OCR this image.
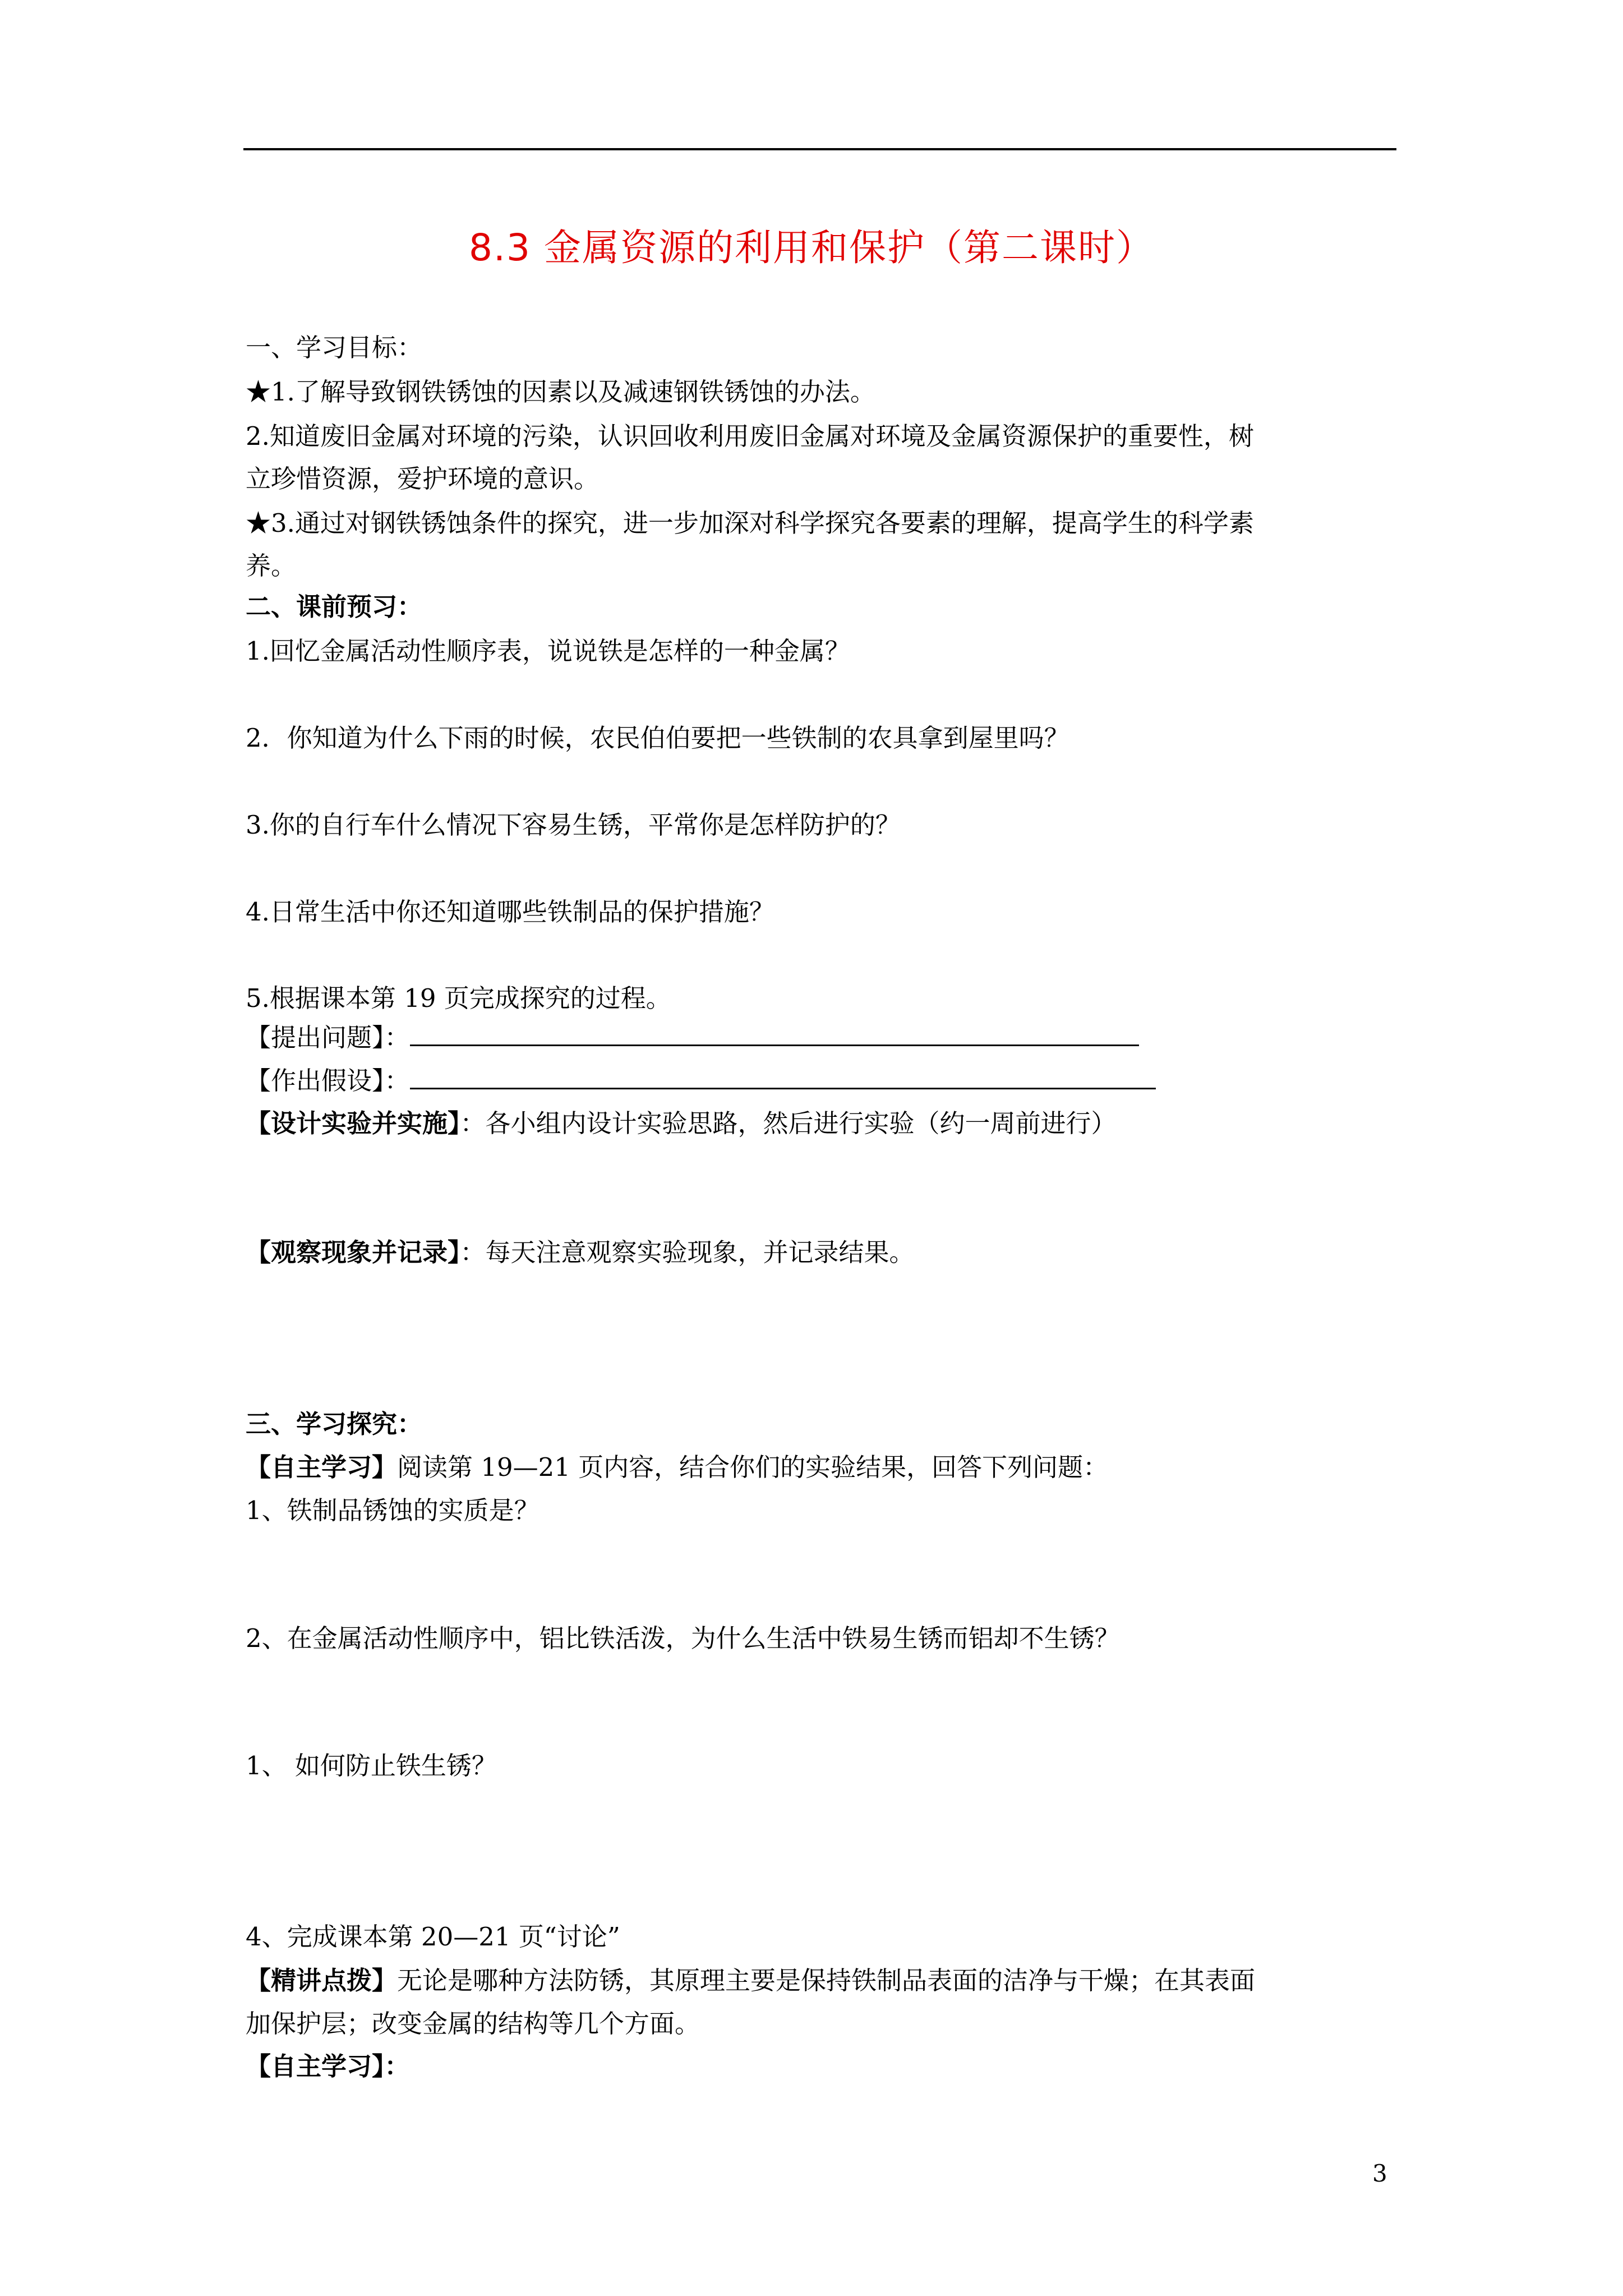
8.3 金属资源的利用和保护（第二课时）
一、学习目标：
★1.了解导致钢铁锈蚀的因素以及减速钢铁锈蚀的办法。
2.知道废旧金属对环境的污染，认识回收利用废旧金属对环境及金属资源保护的重要性，树
立珍惜资源，爱护环境的意识。
★3.通过对钢铁锈蚀条件的探究，进一步加深对科学探究各要素的理解，提高学生的科学素
养。
二、课前预习：
1.回忆金属活动性顺序表，说说铁是怎样的一种金属？
2．你知道为什么下雨的时候，农民伯伯要把一些铁制的农具拿到屋里吗？
3.你的自行车什么情况下容易生锈，平常你是怎样防护的？
4.日常生活中你还知道哪些铁制品的保护措施？
5.根据课本第 19 页完成探究的过程。
【提出问题】：
【作出假设】：
【设计实验并实施】：各小组内设计实验思路，然后进行实验（约一周前进行）
【观察现象并记录】：每天注意观察实验现象，并记录结果。
三、学习探究：
【自主学习】阅读第 19—21 页内容，结合你们的实验结果，回答下列问题：
1、铁制品锈蚀的实质是？
2、在金属活动性顺序中，铝比铁活泼，为什么生活中铁易生锈而铝却不生锈？
1、 如何防止铁生锈？
4、完成课本第 20—21 页“讨论”
【精讲点拨】无论是哪种方法防锈，其原理主要是保持铁制品表面的洁净与干燥；在其表面
加保护层；改变金属的结构等几个方面。
【自主学习】：
3
